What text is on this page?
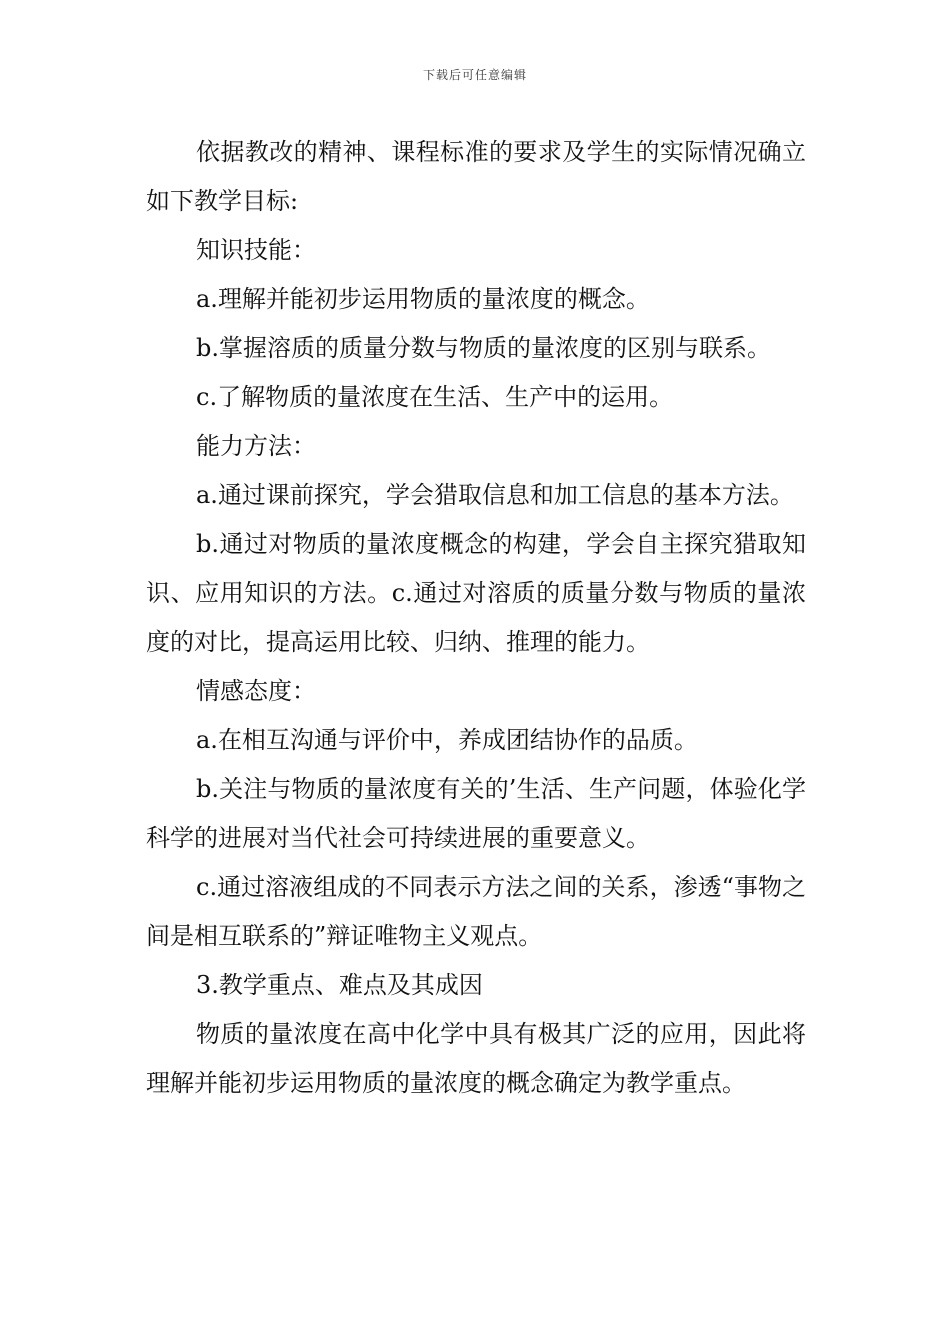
下载后可任意编辑

依据教改的精神、课程标准的要求及学生的实际情况确立如下教学目标:

知识技能：

a.理解并能初步运用物质的量浓度的概念。

b.掌握溶质的质量分数与物质的量浓度的区别与联系。

c.了解物质的量浓度在生活、生产中的运用。

能力方法：

a.通过课前探究，学会猎取信息和加工信息的基本方法。

b.通过对物质的量浓度概念的构建，学会自主探究猎取知识、应用知识的方法。c.通过对溶质的质量分数与物质的量浓度的对比，提高运用比较、归纳、推理的能力。

情感态度：

a.在相互沟通与评价中，养成团结协作的品质。

b.关注与物质的量浓度有关的’生活、生产问题，体验化学科学的进展对当代社会可持续进展的重要意义。

c.通过溶液组成的不同表示方法之间的关系，渗透“事物之间是相互联系的”辩证唯物主义观点。

3.教学重点、难点及其成因

物质的量浓度在高中化学中具有极其广泛的应用，因此将理解并能初步运用物质的量浓度的概念确定为教学重点。
